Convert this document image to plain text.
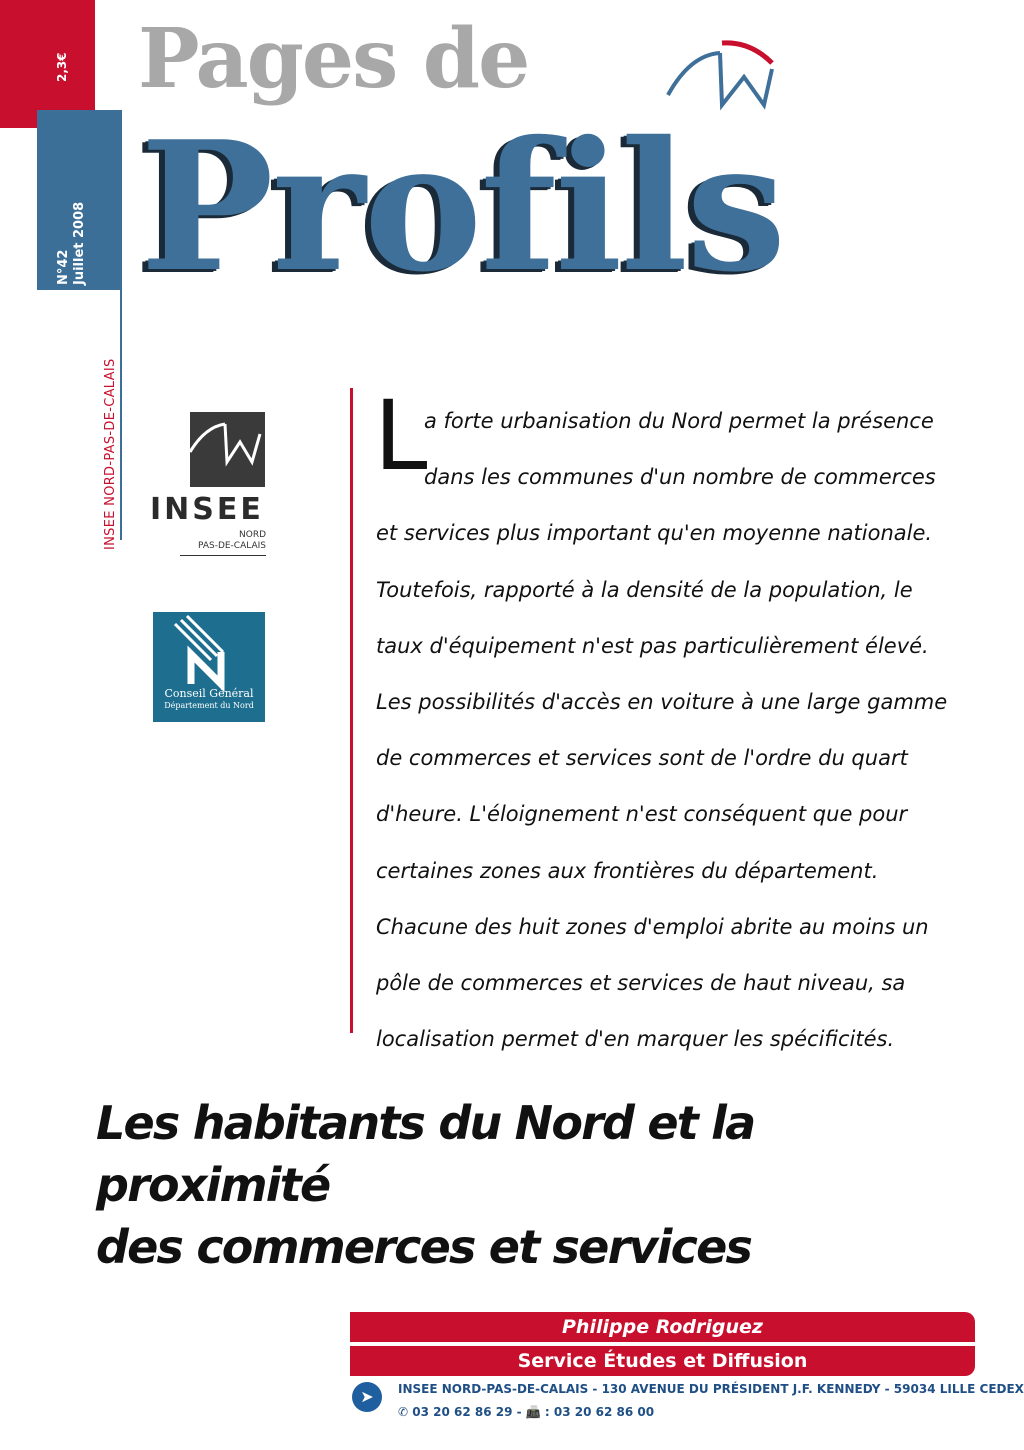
2,3€
N°42 Juillet 2008
INSEE NORD-PAS-DE-CALAIS
Pages de
Profils
INSEE
NORD
PAS-DE-CALAIS
Conseil Général
Département du Nord
L
a forte urbanisation du Nord permet la présence
dans les communes d'un nombre de commerces
et services plus important qu'en moyenne nationale.
Toutefois, rapporté à la densité de la population, le
taux d'équipement n'est pas particulièrement élevé.
Les possibilités d'accès en voiture à une large gamme
de commerces et services sont de l'ordre du quart
d'heure. L'éloignement n'est conséquent que pour
certaines zones aux frontières du département.
Chacune des huit zones d'emploi abrite au moins un
pôle de commerces et services de haut niveau, sa
localisation permet d'en marquer les spécificités.
Les habitants du Nord et la proximité
des commerces et services
Philippe Rodriguez
Service Études et Diffusion
➤	INSEE NORD-PAS-DE-CALAIS - 130 AVENUE DU PRÉSIDENT J.F. KENNEDY - 59034 LILLE CEDEX
✆ 03 20 62 86 29 - 📠 : 03 20 62 86 00
